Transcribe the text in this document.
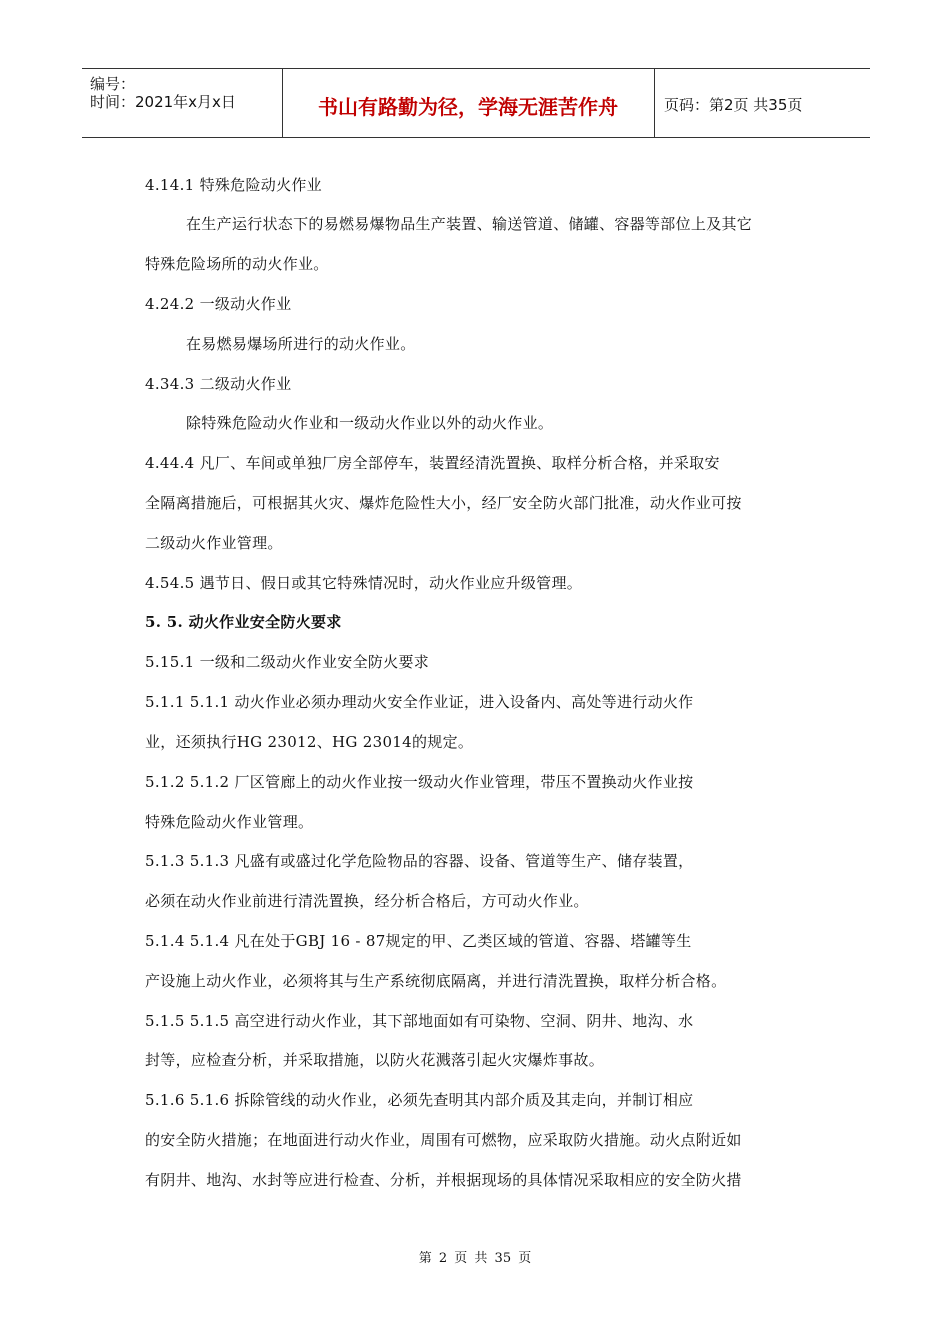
编号：
时间：2021年x月x日	书山有路勤为径，学海无涯苦作舟	页码：第2页 共35页
4.14.1 特殊危险动火作业
在生产运行状态下的易燃易爆物品生产装置、输送管道、储罐、容器等部位上及其它
特殊危险场所的动火作业。
4.24.2 一级动火作业
在易燃易爆场所进行的动火作业。
4.34.3 二级动火作业
除特殊危险动火作业和一级动火作业以外的动火作业。
4.44.4 凡厂、车间或单独厂房全部停车，装置经清洗置换、取样分析合格，并采取安
全隔离措施后，可根据其火灾、爆炸危险性大小，经厂安全防火部门批准，动火作业可按
二级动火作业管理。
4.54.5 遇节日、假日或其它特殊情况时，动火作业应升级管理。
5. 5. 动火作业安全防火要求
5.15.1 一级和二级动火作业安全防火要求
5.1.1 5.1.1 动火作业必须办理动火安全作业证，进入设备内、高处等进行动火作
业，还须执行HG 23012、HG 23014的规定。
5.1.2 5.1.2 厂区管廊上的动火作业按一级动火作业管理，带压不置换动火作业按
特殊危险动火作业管理。
5.1.3 5.1.3 凡盛有或盛过化学危险物品的容器、设备、管道等生产、储存装置，
必须在动火作业前进行清洗置换，经分析合格后，方可动火作业。
5.1.4 5.1.4 凡在处于GBJ 16 - 87规定的甲、乙类区域的管道、容器、塔罐等生
产设施上动火作业，必须将其与生产系统彻底隔离，并进行清洗置换，取样分析合格。
5.1.5 5.1.5 高空进行动火作业，其下部地面如有可染物、空洞、阴井、地沟、水
封等，应检查分析，并采取措施，以防火花溅落引起火灾爆炸事故。
5.1.6 5.1.6 拆除管线的动火作业，必须先查明其内部介质及其走向，并制订相应
的安全防火措施；在地面进行动火作业，周围有可燃物，应采取防火措施。动火点附近如
有阴井、地沟、水封等应进行检查、分析，并根据现场的具体情况采取相应的安全防火措
第 2 页 共 35 页
